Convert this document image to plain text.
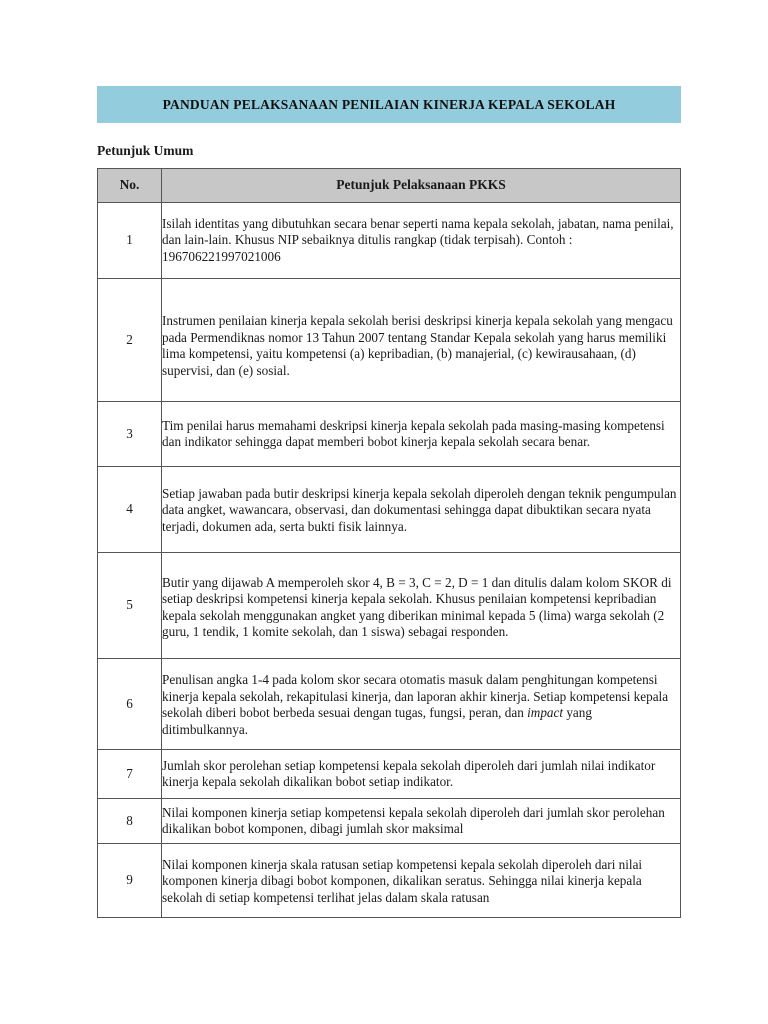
PANDUAN PELAKSANAAN PENILAIAN KINERJA KEPALA SEKOLAH
Petunjuk Umum
No.	Petunjuk Pelaksanaan PKKS
1	Isilah identitas yang dibutuhkan secara benar seperti nama kepala sekolah, jabatan, nama penilai, dan lain-lain. Khusus NIP sebaiknya ditulis rangkap (tidak terpisah). Contoh : 196706221997021006

2	Instrumen penilaian kinerja kepala sekolah berisi deskripsi kinerja kepala sekolah yang mengacu pada Permendiknas nomor 13 Tahun 2007 tentang Standar Kepala sekolah yang harus memiliki lima kompetensi, yaitu kompetensi (a) kepribadian, (b) manajerial, (c) kewirausahaan, (d) supervisi, dan (e) sosial.

3	Tim penilai harus memahami deskripsi kinerja kepala sekolah pada masing-masing kompetensi dan indikator sehingga dapat memberi bobot kinerja kepala sekolah secara benar.

4	Setiap jawaban pada butir deskripsi kinerja kepala sekolah diperoleh dengan teknik pengumpulan data angket, wawancara, observasi, dan dokumentasi sehingga dapat dibuktikan secara nyata terjadi, dokumen ada, serta bukti fisik lainnya.

5	Butir yang dijawab A memperoleh skor 4, B = 3, C = 2, D = 1 dan ditulis dalam kolom SKOR di setiap deskripsi kompetensi kinerja kepala sekolah. Khusus penilaian kompetensi kepribadian kepala sekolah menggunakan angket yang diberikan minimal kepada 5 (lima) warga sekolah (2 guru, 1 tendik, 1 komite sekolah, dan 1 siswa) sebagai responden.

6	Penulisan angka 1-4 pada kolom skor secara otomatis masuk dalam penghitungan kompetensi kinerja kepala sekolah, rekapitulasi kinerja, dan laporan akhir kinerja. Setiap kompetensi kepala sekolah diberi bobot berbeda sesuai dengan tugas, fungsi, peran, dan impact yang ditimbulkannya.

7	Jumlah skor perolehan setiap kompetensi kepala sekolah diperoleh dari jumlah nilai indikator kinerja kepala sekolah dikalikan bobot setiap indikator.

8	Nilai komponen kinerja setiap kompetensi kepala sekolah diperoleh dari jumlah skor perolehan dikalikan bobot komponen, dibagi jumlah skor maksimal

9	Nilai komponen kinerja skala ratusan setiap kompetensi kepala sekolah diperoleh dari nilai komponen kinerja dibagi bobot komponen, dikalikan seratus. Sehingga nilai kinerja kepala sekolah di setiap kompetensi terlihat jelas dalam skala ratusan
